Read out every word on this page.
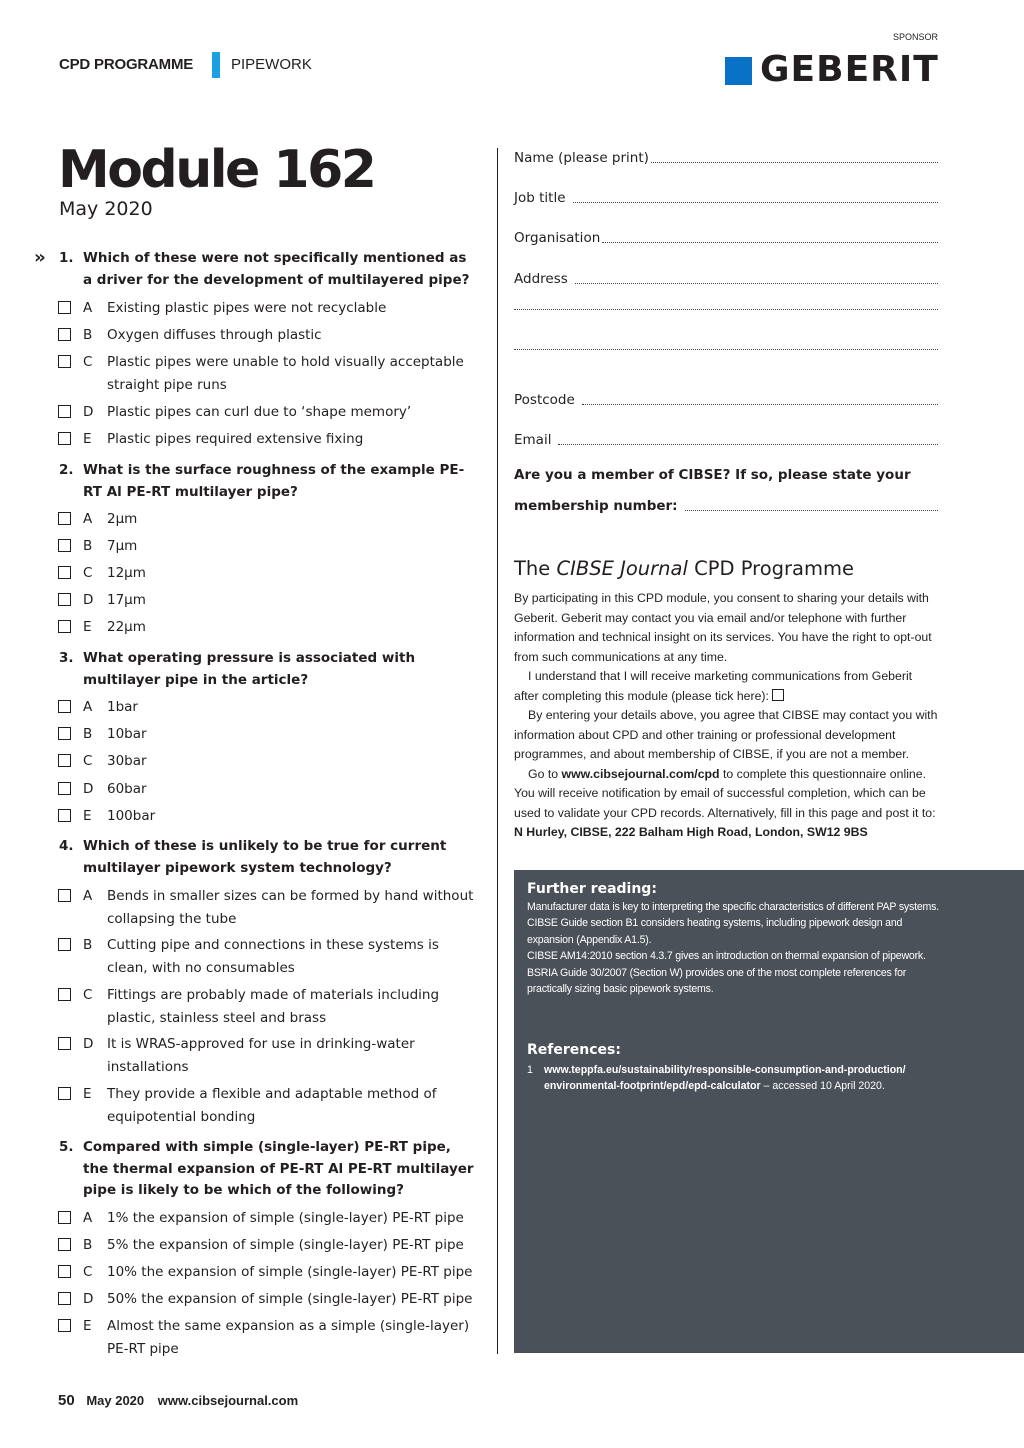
CPD PROGRAMME	PIPEWORK
SPONSOR
GEBERIT
Module 162
May 2020
›› 1. Which of these were not specifically mentioned as a driver for the development of multilayered pipe?
A Existing plastic pipes were not recyclable
B Oxygen diffuses through plastic
C Plastic pipes were unable to hold visually acceptable straight pipe runs
D Plastic pipes can curl due to ‘shape memory’
E Plastic pipes required extensive fixing
2. What is the surface roughness of the example PE-RT Al PE-RT multilayer pipe?
A 2µm
B 7µm
C 12µm
D 17µm
E 22µm
3. What operating pressure is associated with multilayer pipe in the article?
A 1bar
B 10bar
C 30bar
D 60bar
E 100bar
4. Which of these is unlikely to be true for current multilayer pipework system technology?
A Bends in smaller sizes can be formed by hand without collapsing the tube
B Cutting pipe and connections in these systems is clean, with no consumables
C Fittings are probably made of materials including plastic, stainless steel and brass
D It is WRAS-approved for use in drinking-water installations
E They provide a flexible and adaptable method of equipotential bonding
5. Compared with simple (single-layer) PE-RT pipe, the thermal expansion of PE-RT Al PE-RT multilayer pipe is likely to be which of the following?
A 1% the expansion of simple (single-layer) PE-RT pipe
B 5% the expansion of simple (single-layer) PE-RT pipe
C 10% the expansion of simple (single-layer) PE-RT pipe
D 50% the expansion of simple (single-layer) PE-RT pipe
E Almost the same expansion as a simple (single-layer) PE-RT pipe
Name (please print)
Job title
Organisation
Address
Postcode
Email
Are you a member of CIBSE? If so, please state your
membership number:
The CIBSE Journal CPD Programme

By participating in this CPD module, you consent to sharing your details with Geberit. Geberit may contact you via email and/or telephone with further information and technical insight on its services. You have the right to opt-out from such communications at any time.

I understand that I will receive marketing communications from Geberit after completing this module (please tick here):

By entering your details above, you agree that CIBSE may contact you with information about CPD and other training or professional development programmes, and about membership of CIBSE, if you are not a member.

Go to www.cibsejournal.com/cpd to complete this questionnaire online. You will receive notification by email of successful completion, which can be used to validate your CPD records. Alternatively, fill in this page and post it to: N Hurley, CIBSE, 222 Balham High Road, London, SW12 9BS

Further reading:

Manufacturer data is key to interpreting the specific characteristics of different PAP systems.

CIBSE Guide section B1 considers heating systems, including pipework design and expansion (Appendix A1.5).

CIBSE AM14:2010 section 4.3.7 gives an introduction on thermal expansion of pipework.

BSRIA Guide 30/2007 (Section W) provides one of the most complete references for practically sizing basic pipework systems.

References:
1 www.teppfa.eu/sustainability/responsible-consumption-and-production/ environmental-footprint/epd/epd-calculator – accessed 10 April 2020.
50 May 2020 www.cibsejournal.com
